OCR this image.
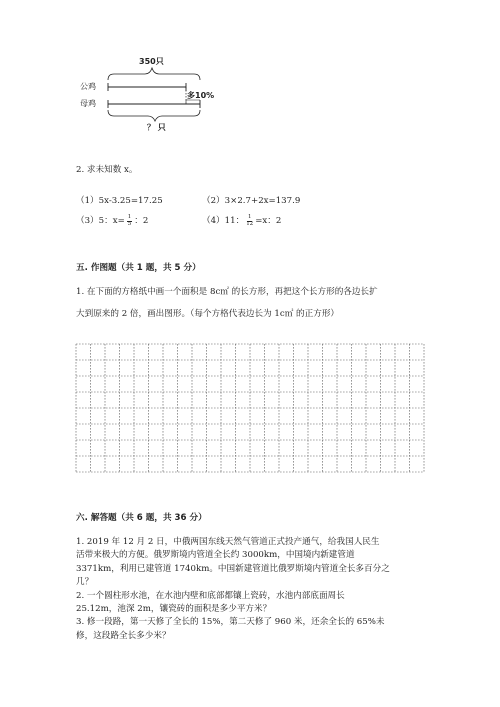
350只
公鸡
母鸡
多10%
？ 只
2. 求未知数 x。
（1）5x-3.25=17.25	（2）3×2.7+2x=137.9
（3）5：$x= \frac{1}{5}$ ：2	（4）11： $\frac{1}{12} =x$：2
五. 作图题（共 1 题，共 5 分）
1. 在下面的方格纸中画一个面积是 8c㎡ 的长方形，再把这个长方形的各边长扩
大到原来的 2 倍，画出图形。（每个方格代表边长为 1c㎡ 的正方形）
六. 解答题（共 6 题，共 36 分）
1. 2019 年 12 月 2 日，中俄两国东线天然气管道正式投产通气，给我国人民生
活带来极大的方便。俄罗斯境内管道全长约 3000km，中国境内新建管道
3371km，利用已建管道 1740km。中国新建管道比俄罗斯境内管道全长多百分之
几？
2. 一个圆柱形水池，在水池内壁和底部都镶上瓷砖，水池内部底面周长
25.12m，池深 2m，镶瓷砖的面积是多少平方米？
3. 修一段路，第一天修了全长的 15%，第二天修了 960 米，还余全长的 65%未
修，这段路全长多少米？
